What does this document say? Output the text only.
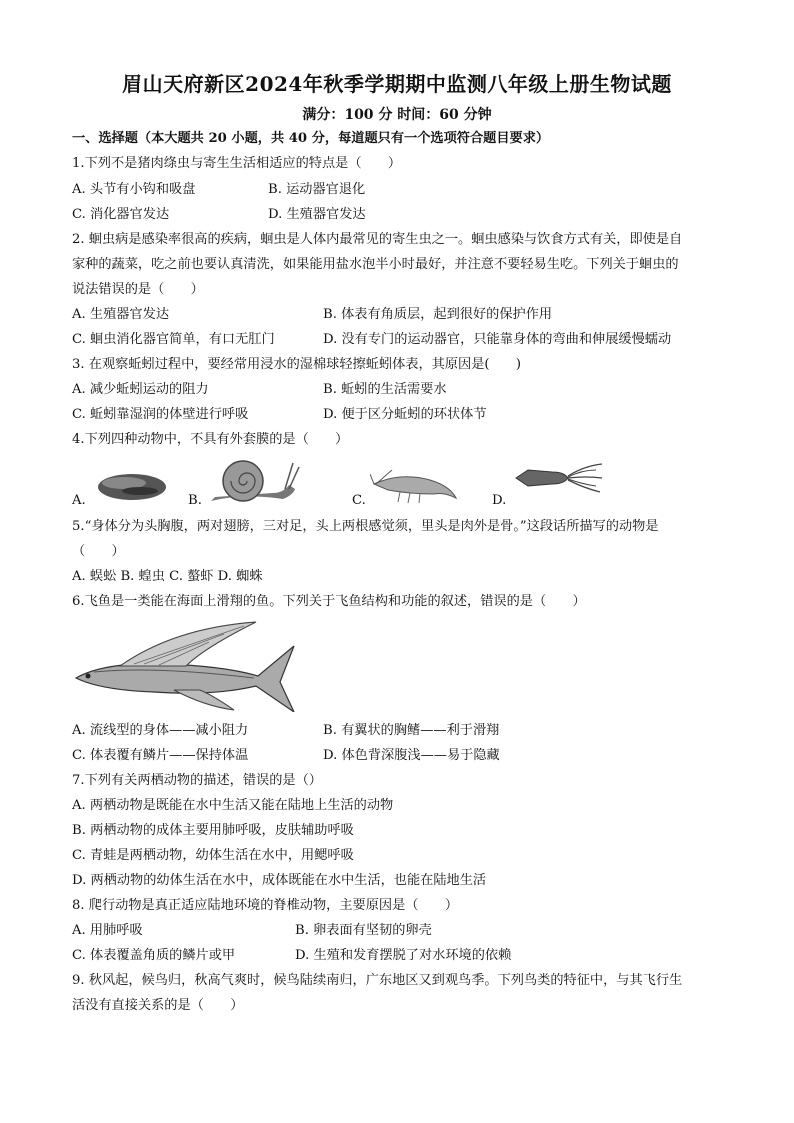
眉山天府新区2024年秋季学期期中监测八年级上册生物试题
满分：100 分 时间：60 分钟
一、选择题（本大题共 20 小题，共 40 分，每道题只有一个选项符合题目要求）
1.下列不是猪肉绦虫与寄生生活相适应的特点是（　　）
A. 头节有小钩和吸盘	B. 运动器官退化
C. 消化器官发达	D. 生殖器官发达
2. 蛔虫病是感染率很高的疾病，蛔虫是人体内最常见的寄生虫之一。蛔虫感染与饮食方式有关，即使是自
家种的蔬菜，吃之前也要认真清洗，如果能用盐水泡半小时最好，并注意不要轻易生吃。下列关于蛔虫的
说法错误的是（　　）
A. 生殖器官发达	B. 体表有角质层，起到很好的保护作用
C. 蛔虫消化器官简单，有口无肛门	D. 没有专门的运动器官，只能靠身体的弯曲和伸展缓慢蠕动
3. 在观察蚯蚓过程中，要经常用浸水的湿棉球轻擦蚯蚓体表，其原因是(　　)
A. 减少蚯蚓运动的阻力	B. 蚯蚓的生活需要水
C. 蚯蚓靠湿润的体壁进行呼吸	D. 便于区分蚯蚓的环状体节
4.下列四种动物中，不具有外套膜的是（　　）
A.	B.	C.	D.
5.“身体分为头胸腹，两对翅膀，三对足，头上两根感觉须，里头是肉外是骨。”这段话所描写的动物是
（　　）
A. 蜈蚣 B. 蝗虫 C. 螯虾 D. 蜘蛛
6.飞鱼是一类能在海面上滑翔的鱼。下列关于飞鱼结构和功能的叙述，错误的是（　　）
A. 流线型的身体——减小阻力	B. 有翼状的胸鳍——利于滑翔
C. 体表覆有鳞片——保持体温	D. 体色背深腹浅——易于隐藏
7.下列有关两栖动物的描述，错误的是（）
A. 两栖动物是既能在水中生活又能在陆地上生活的动物
B. 两栖动物的成体主要用肺呼吸，皮肤辅助呼吸
C. 青蛙是两栖动物，幼体生活在水中，用鳃呼吸
D. 两栖动物的幼体生活在水中，成体既能在水中生活，也能在陆地生活
8. 爬行动物是真正适应陆地环境的脊椎动物，主要原因是（　　）
A. 用肺呼吸	B. 卵表面有坚韧的卵壳
C. 体表覆盖角质的鳞片或甲	D. 生殖和发育摆脱了对水环境的依赖
9. 秋风起，候鸟归，秋高气爽时，候鸟陆续南归，广东地区又到观鸟季。下列鸟类的特征中，与其飞行生
活没有直接关系的是（　　）
